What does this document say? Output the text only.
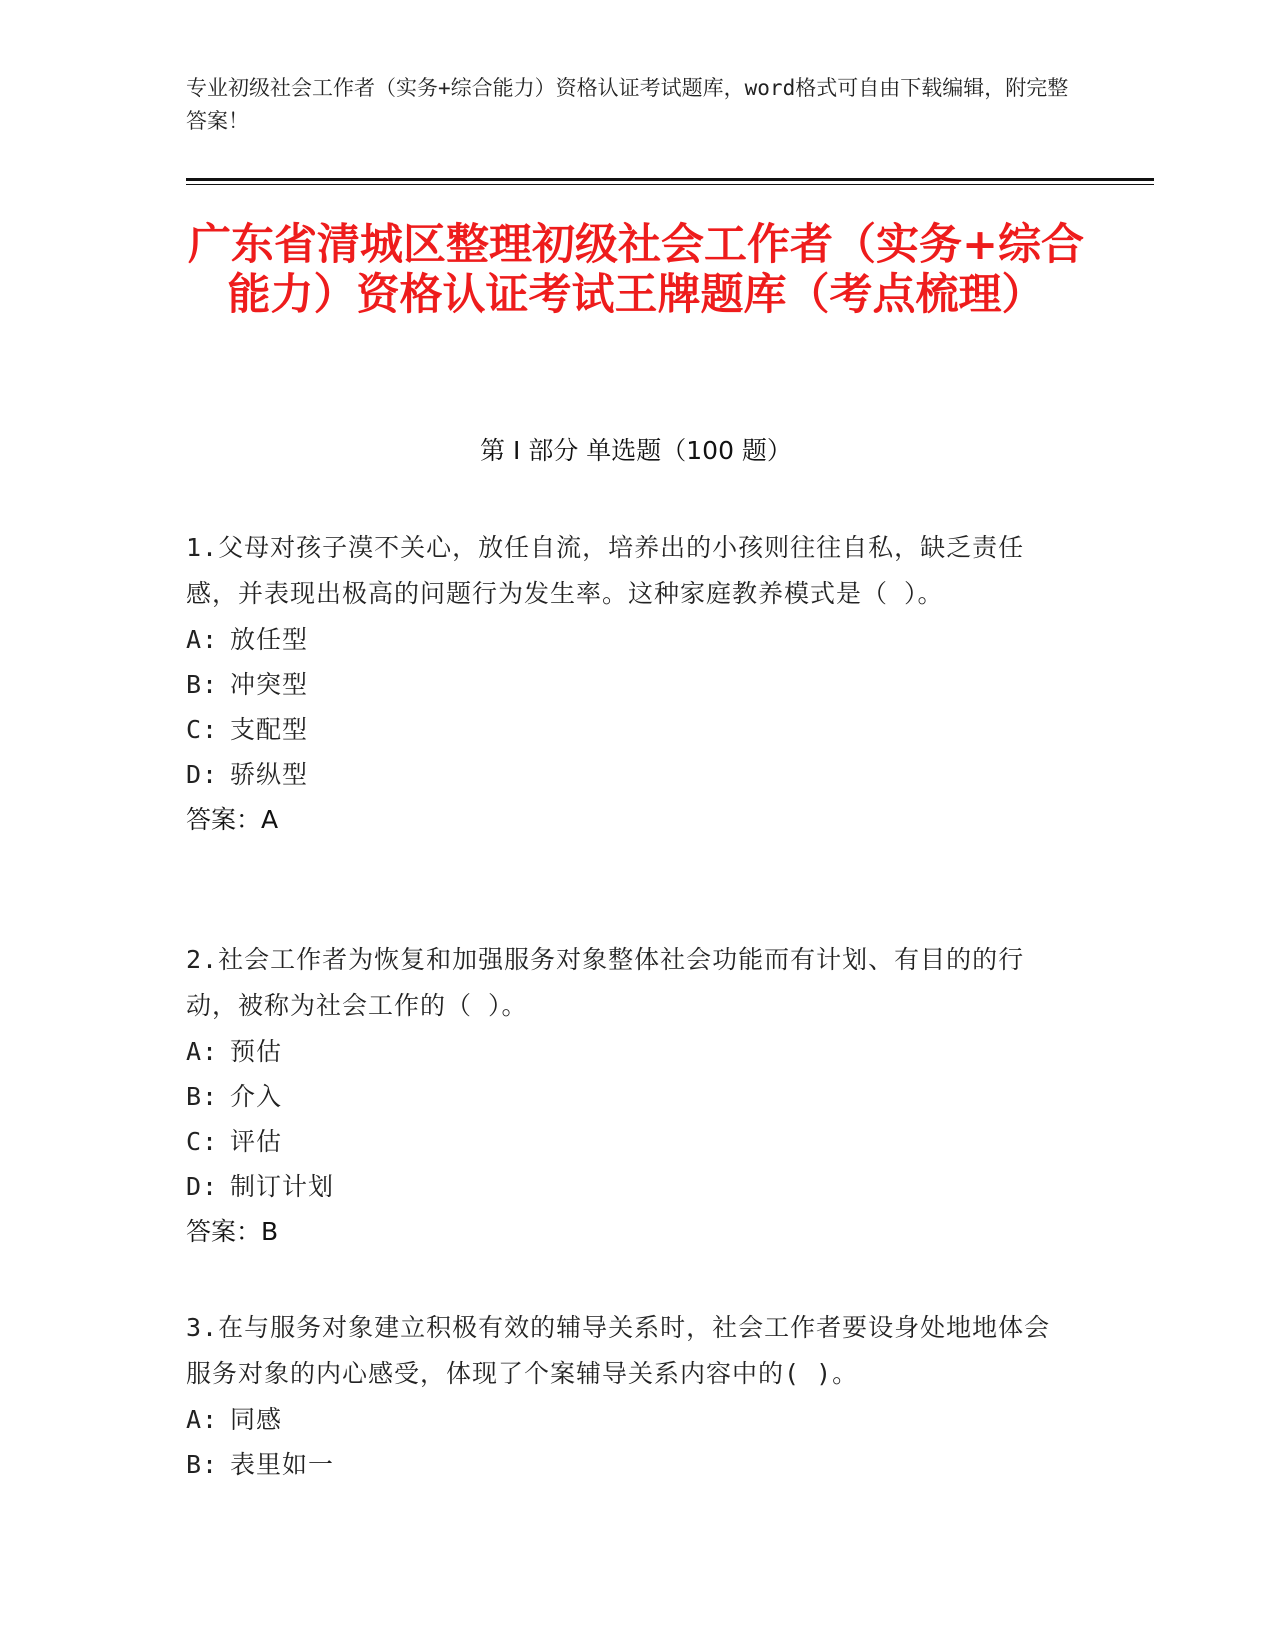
专业初级社会工作者（实务+综合能力）资格认证考试题库，word格式可自由下载编辑，附完整答案！
广东省清城区整理初级社会工作者（实务+综合能力）资格认证考试王牌题库（考点梳理）
第 I 部分 单选题（100 题）
1.父母对孩子漠不关心，放任自流，培养出的小孩则往往自私，缺乏责任感，并表现出极高的问题行为发生率。这种家庭教养模式是（ ）。
A: 放任型
B: 冲突型
C: 支配型
D: 骄纵型
答案：A
2.社会工作者为恢复和加强服务对象整体社会功能而有计划、有目的的行动，被称为社会工作的（ ）。
A: 预估
B: 介入
C: 评估
D: 制订计划
答案：B
3.在与服务对象建立积极有效的辅导关系时，社会工作者要设身处地地体会服务对象的内心感受，体现了个案辅导关系内容中的( )。
A: 同感
B: 表里如一
